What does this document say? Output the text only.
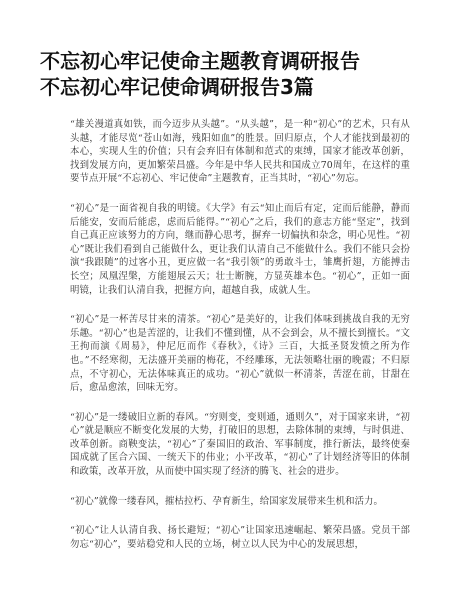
不忘初心牢记使命主题教育调研报告
不忘初心牢记使命调研报告3篇

“雄关漫道真如铁，而今迈步从头越”。“从头越”，是一种“初心”的艺术，只有从头越，才能尽览“苍山如海，残阳如血”的胜景。回归原点，个人才能找到最初的本心，实现人生的价值；只有会弃旧有体制和范式的束缚，国家才能改革创新，找到发展方向，更加繁荣昌盛。今年是中华人民共和国成立70周年，在这样的重要节点开展“不忘初心、牢记使命”主题教育，正当其时，“初心”勿忘。

“初心”是一面省视自我的明镜。《大学》有云“知止而后有定，定而后能静，静而后能安，安而后能虑，虑而后能得。”“初心”之后，我们的意志方能“坚定”，找到自己真正应该努力的方向，继而静心思考，摒弃一切偏执和杂念，明心见性。“初心”既让我们看到自己能做什么，更让我们认清自己不能做什么。我们不能只会扮演“我跟随”的过客小丑，更应做一名“我引领”的勇敢斗士，雏鹰折翅，方能搏击长空；凤凰涅槃，方能翅展云天；壮士断腕，方显英雄本色。“初心”，正如一面明镜，让我们认清自我，把握方向，超越自我，成就人生。

“初心”是一杯苦尽甘来的清茶。“初心”是美好的，让我们体味到挑战自我的无穷乐趣。“初心”也是苦涩的，让我们不懂到懂，从不会到会，从不擅长到擅长。“文王拘而演《周易》，仲尼厄而作《春秋》，《诗》三百，大抵圣贤发愤之所为作也。”不经寒彻，无法盛开美丽的梅花，不经雕琢，无法领略壮丽的晚霞；不归原点，不守初心，无法体味真正的成功。“初心”就似一杯清茶，苦涩在前，甘甜在后，愈品愈浓，回味无穷。

“初心”是一缕破旧立新的春风。“穷则变，变则通，通则久”，对于国家来讲，“初心”就是顺应不断变化发展的大势，打破旧的思想，去除体制的束缚，与时俱进、改革创新。商鞅变法，“初心”了秦国旧的政治、军事制度，推行新法，最终使秦国成就了匡合六国、一统天下的伟业；小平改革，“初心”了计划经济等旧的体制和政策，改革开放，从而使中国实现了经济的腾飞、社会的进步。

“初心”就像一缕春风，摧枯拉朽、孕育新生，给国家发展带来生机和活力。

“初心”让人认清自我、扬长避短；“初心”让国家迅速崛起、繁荣昌盛。党员干部勿忘“初心”，要站稳党和人民的立场，树立以人民为中心的发展思想，
